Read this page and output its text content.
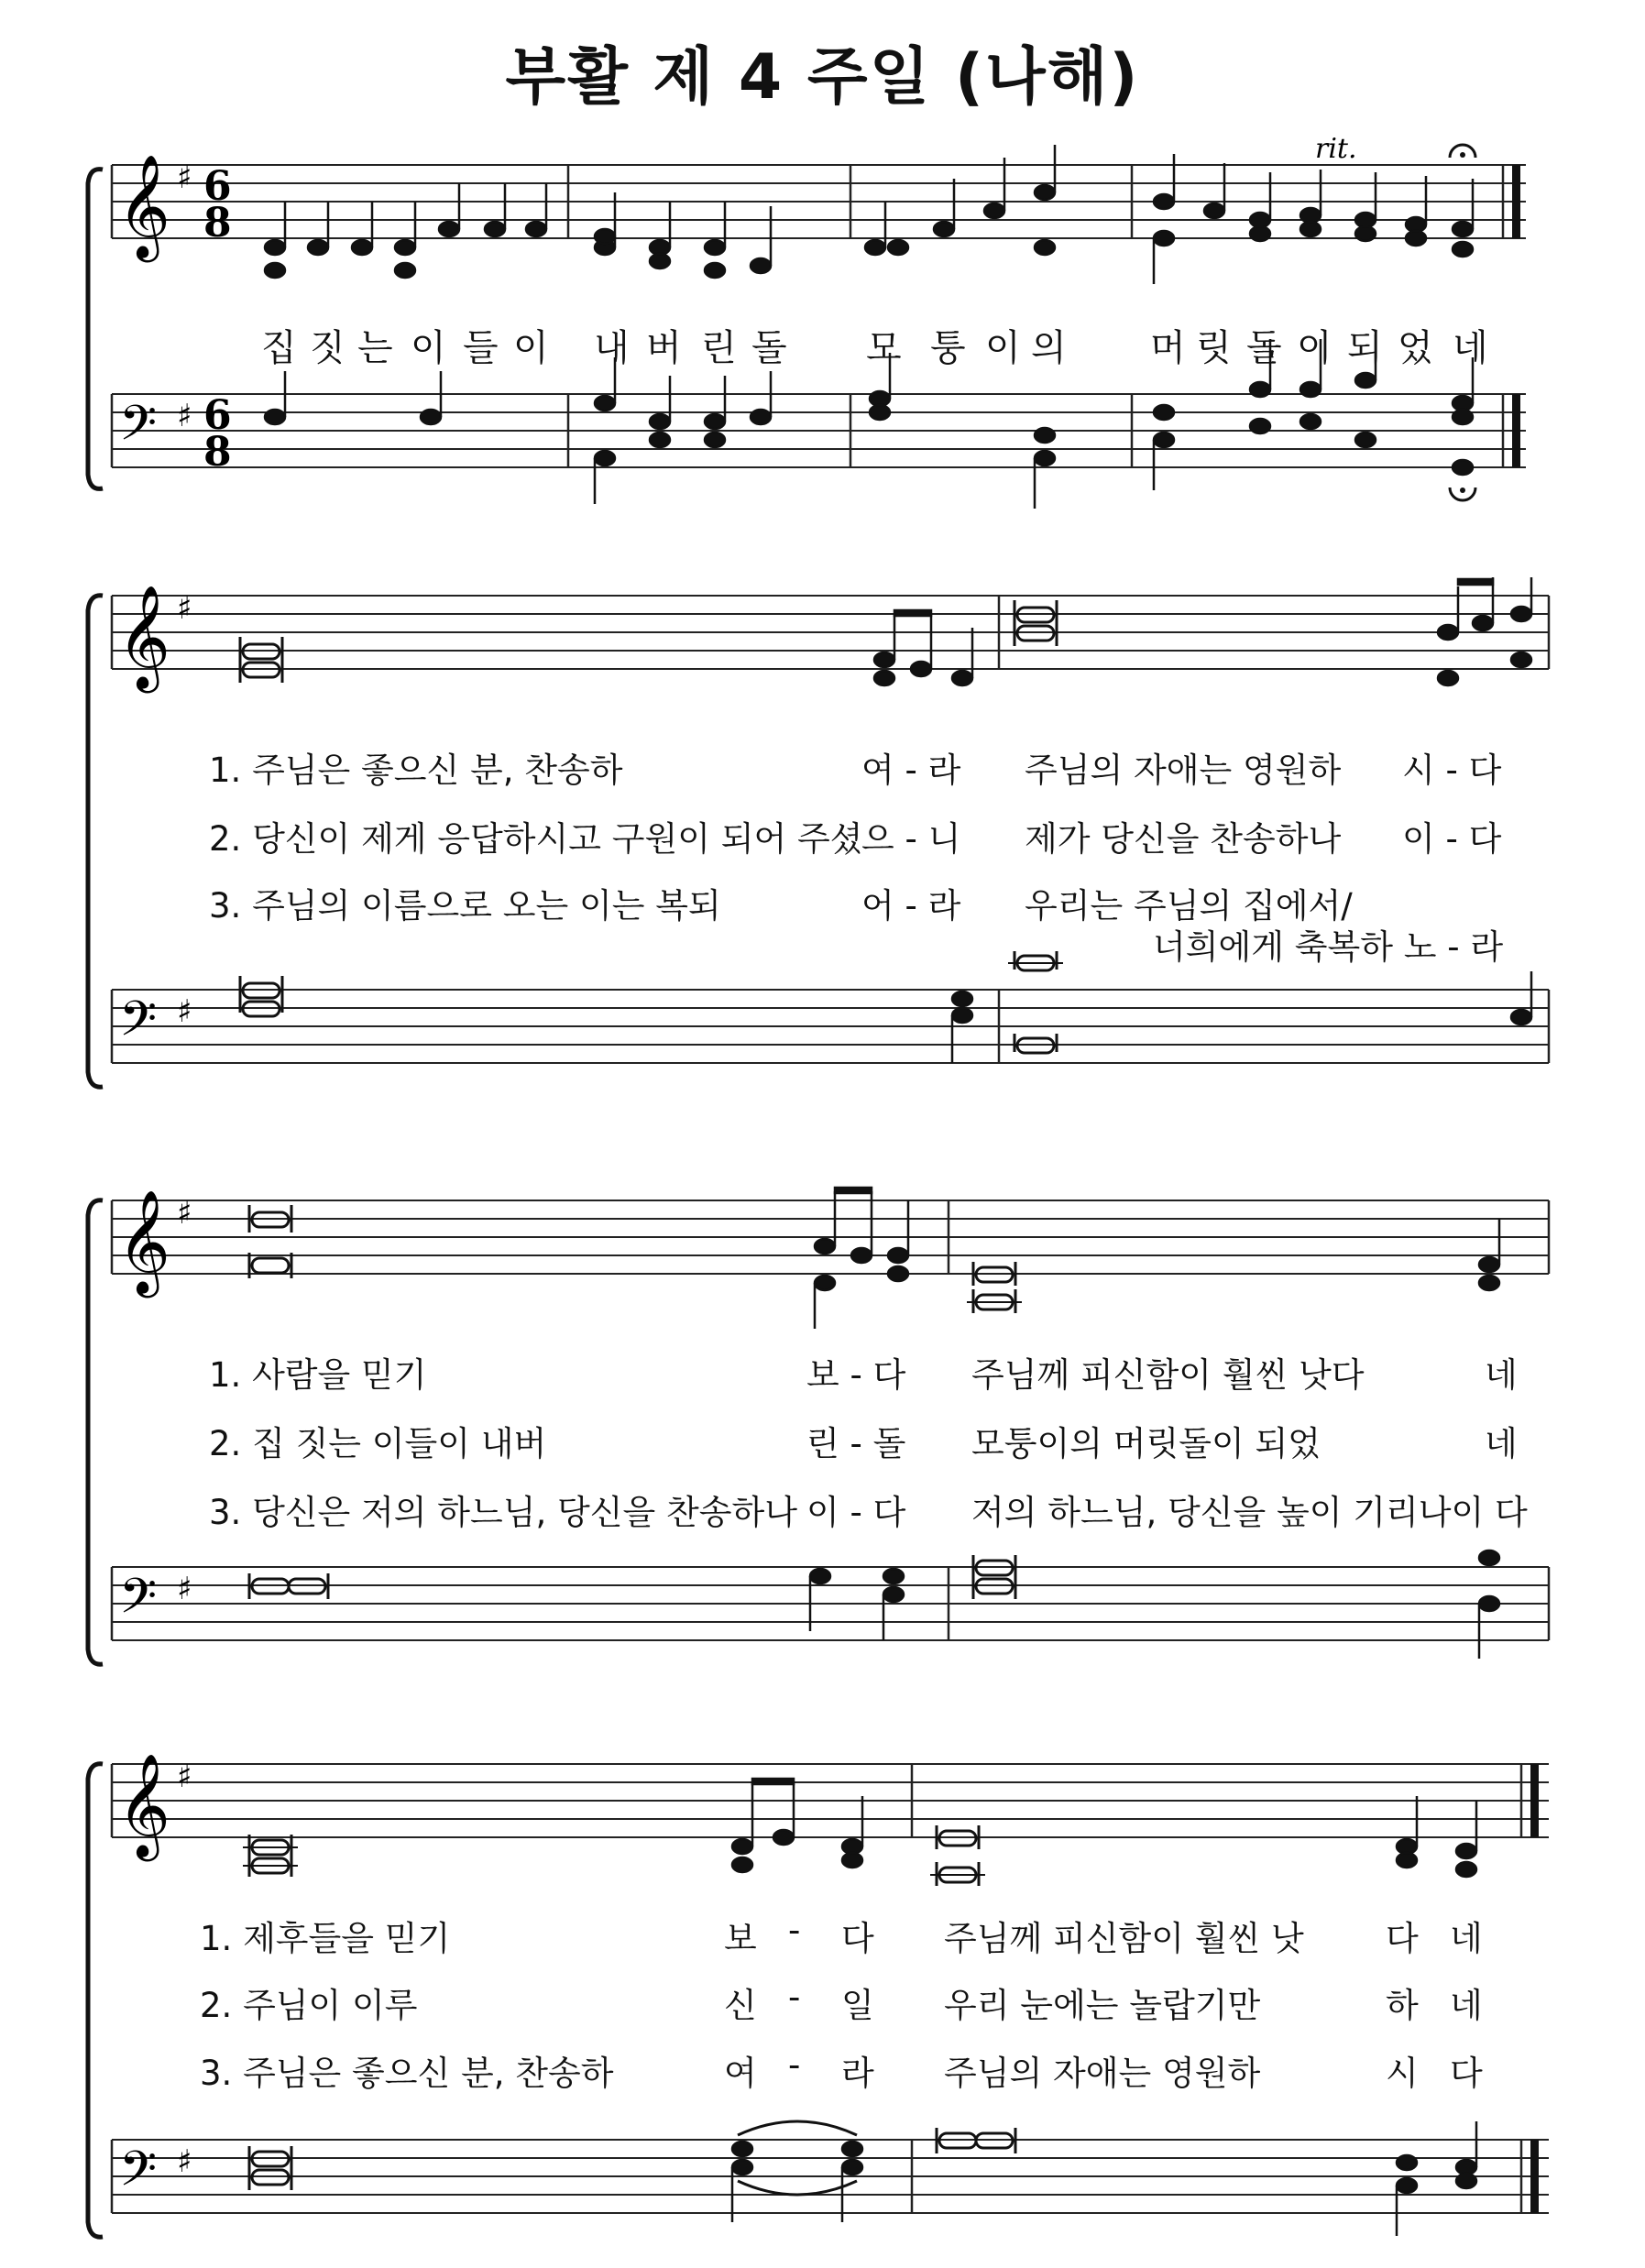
부활 제 4 주일 (나해)
𝄞
𝄢
♯
♯
6
8
6
8
rit.
집 짓 는 이 들 이 내 버 린 돌 모 퉁 이 의 머 릿 돌 이 되 었 네
𝄞
𝄢
♯
♯
1. 주님은 좋으신 분, 찬송하	여 - 라 주님의 자애는 영원하 시 - 다
2. 당신이 제게 응답하시고 구원이 되어 주셨
으 - 니 제가 당신을 찬송하나 이 - 다
3. 주님의 이름으로 오는 이는 복되	어 - 라 우리는 주님의 집에서/
너희에게 축복하 노 - 라
𝄞
𝄢
♯
♯
1. 사람을 믿기	보 - 다 주님께 피신함이 훨씬 낫다	네
2. 집 짓는 이들이 내버	린 - 돌 모퉁이의 머릿돌이 되었	네
3. 당신은 저의 하느님, 당신을 찬송하나 이 - 다 저의 하느님, 당신을 높이 기리나이 다
𝄞
𝄢
♯
♯
1. 제후들을 믿기	보 - 다 주님께 피신함이 훨씬 낫 다 네
2. 주님이 이루	신 - 일 우리 눈에는 놀랍기만	하 네
3. 주님은 좋으신 분, 찬송하	여 - 라 주님의 자애는 영원하	시 다
